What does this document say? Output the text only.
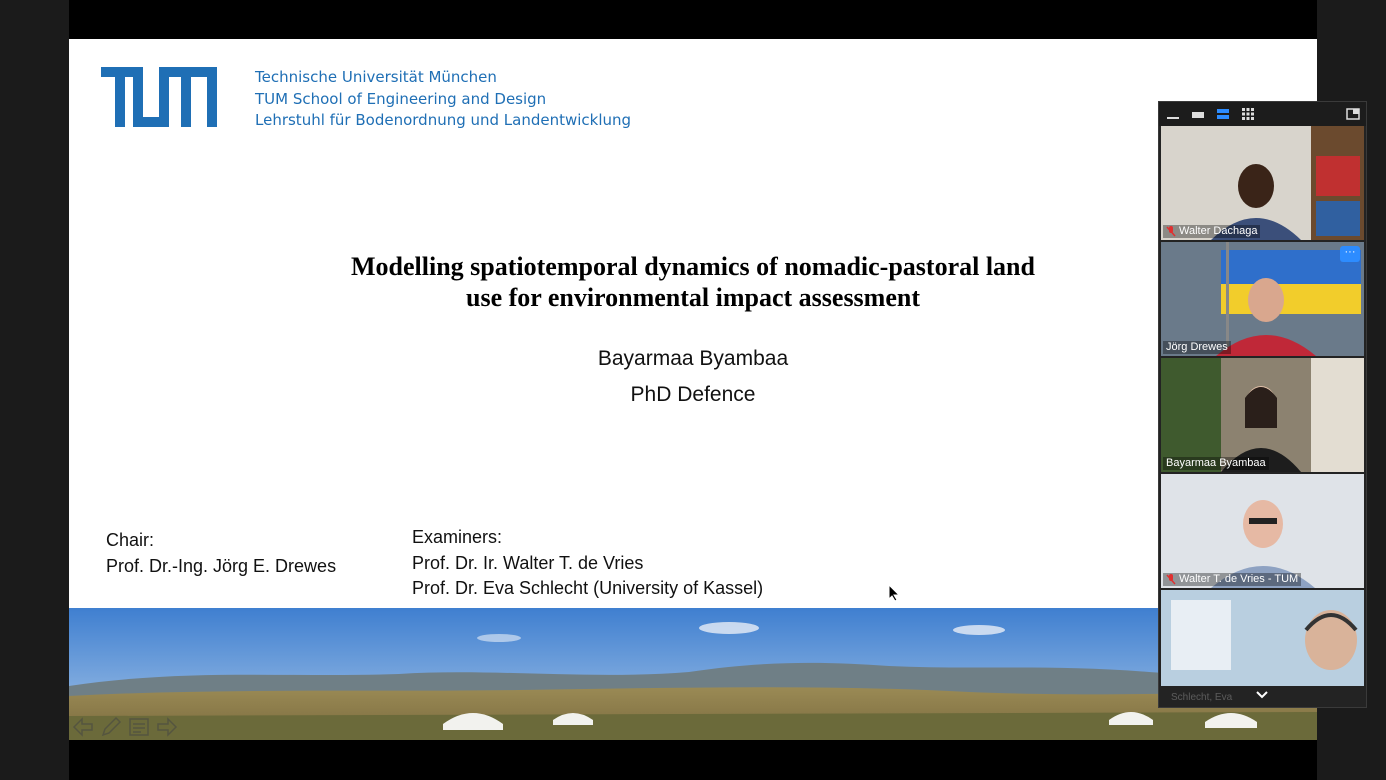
Technische Universität München
TUM School of Engineering and Design
Lehrstuhl für Bodenordnung und Landentwicklung
Modelling spatiotemporal dynamics of nomadic-pastoral land
use for environmental impact assessment
Bayarmaa Byambaa
PhD Defence
Chair:
Prof. Dr.-Ing. Jörg E. Drewes
Examiners:
Prof. Dr. Ir. Walter T. de Vries
Prof. Dr. Eva Schlecht (University of Kassel)
Walter Dachaga
···
Jörg Drewes
Bayarmaa Byambaa
Walter T. de Vries - TUM
Schlecht, Eva
